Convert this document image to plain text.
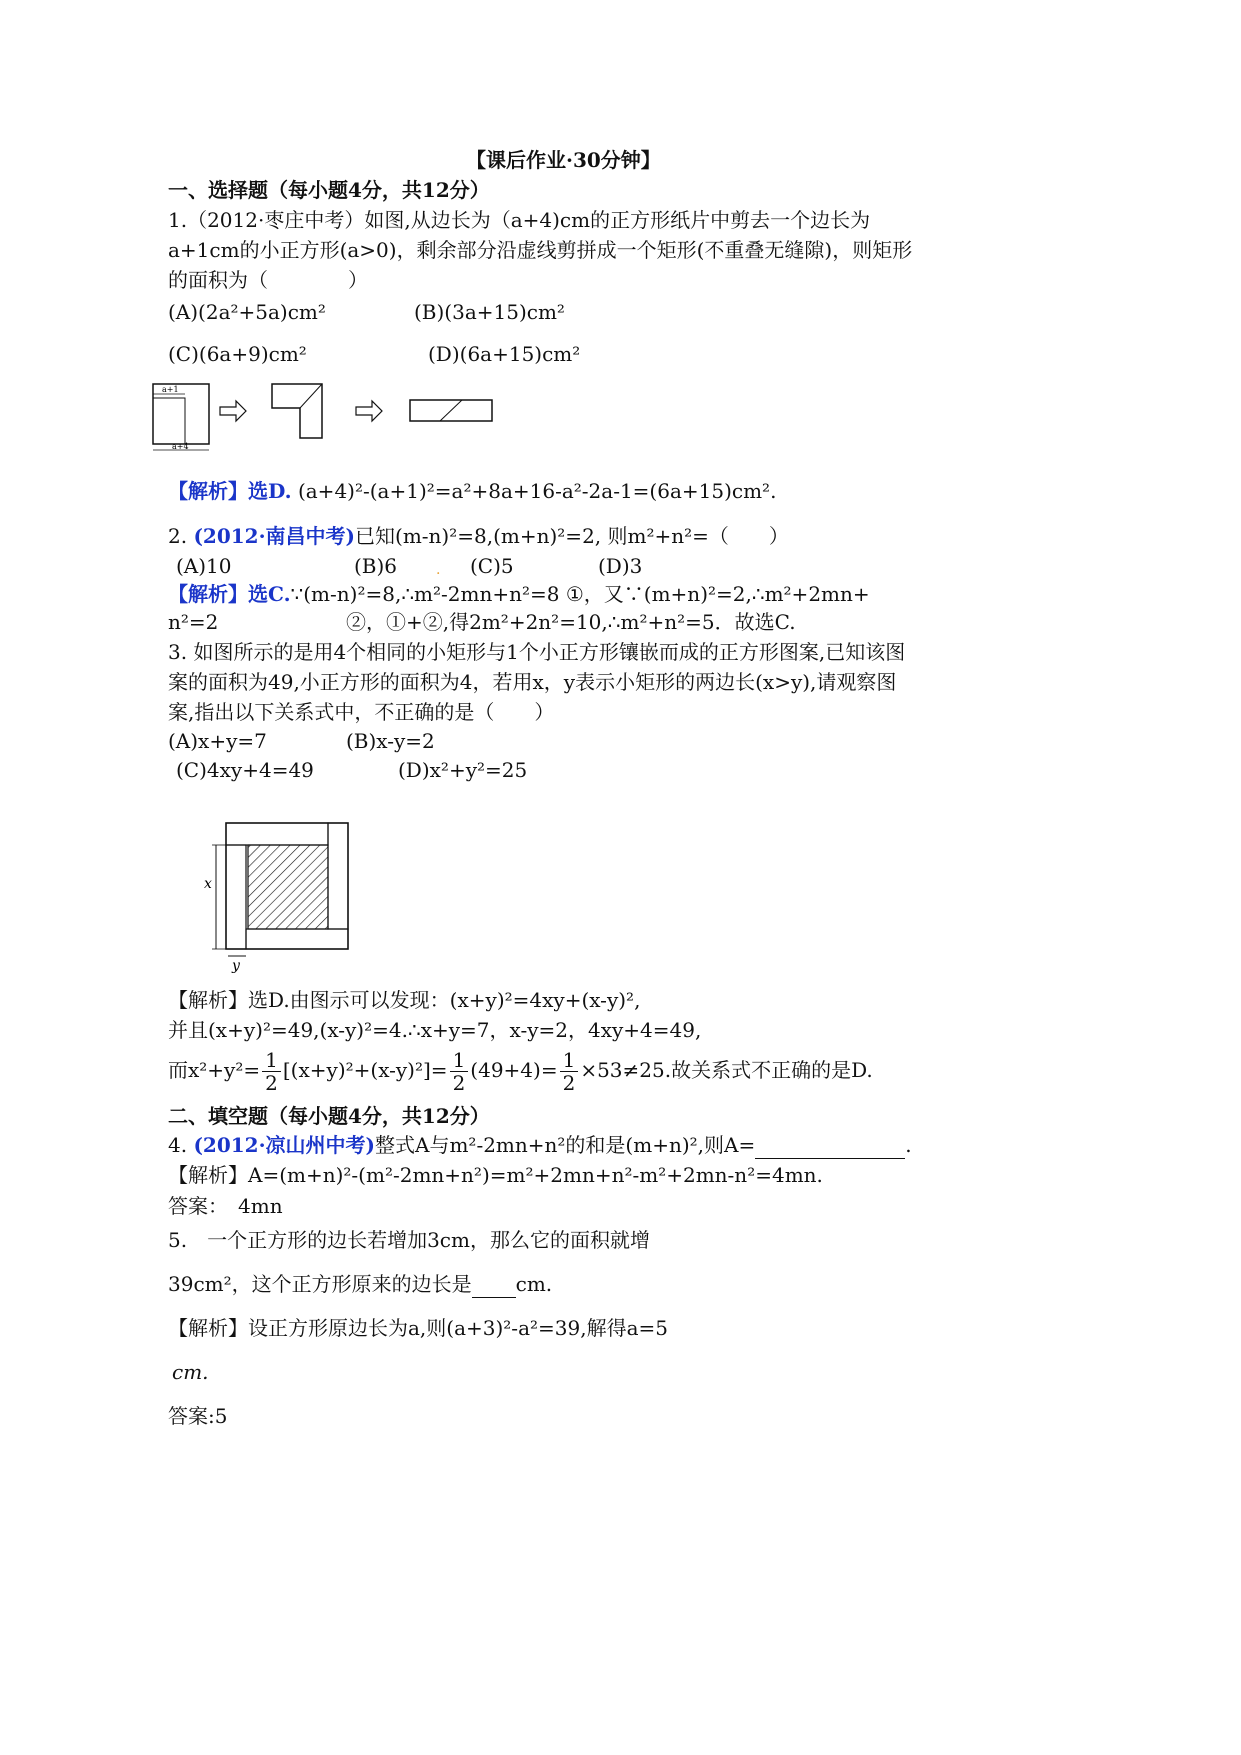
【课后作业·30分钟】
一、选择题（每小题4分，共12分）
1.（2012·枣庄中考）如图,从边长为（a+4)cm的正方形纸片中剪去一个边长为
a+1cm的小正方形(a>0)，剩余部分沿虚线剪拼成一个矩形(不重叠无缝隙)，则矩形
的面积为（　　　　）
(A)(2a²+5a)cm²	(B)(3a+15)cm²
(C)(6a+9)cm²	(D)(6a+15)cm²
a+1
a+4
【解析】选D. (a+4)²-(a+1)²=a²+8a+16-a²-2a-1=(6a+15)cm².
2. (2012·南昌中考)已知(m-n)²=8,(m+n)²=2, 则m²+n²=（　　）
(A)10	(B)6	. (C)5	(D)3
【解析】选C.∵(m-n)²=8,∴m²-2mn+n²=8 ①，又∵(m+n)²=2,∴m²+2mn+
n²=2	②，①+②,得2m²+2n²=10,∴m²+n²=5．故选C.
3. 如图所示的是用4个相同的小矩形与1个小正方形镶嵌而成的正方形图案,已知该图
案的面积为49,小正方形的面积为4，若用x，y表示小矩形的两边长(x>y),请观察图
案,指出以下关系式中，不正确的是（　　）
(A)x+y=7	(B)x-y=2
(C)4xy+4=49	(D)x²+y²=25
x
y
【解析】选D.由图示可以发现：(x+y)²=4xy+(x-y)²,
并且(x+y)²=49,(x-y)²=4.∴x+y=7，x-y=2，4xy+4=49,
而$x^2+y^2= \frac{1}{2} [(x+y)^2+(x-y)^2]= \frac{1}{2} (49+4)= \frac{1}{2} \times 53\ne 25$.故关系式不正确的是D.
二、填空题（每小题4分，共12分）
4. (2012·凉山州中考)整式A与m²-2mn+n²的和是(m+n)²,则A=	.
【解析】A=(m+n)²-(m²-2mn+n²)=m²+2mn+n²-m²+2mn-n²=4mn.
答案：　4mn
5.　一个正方形的边长若增加3cm，那么它的面积就增
39cm²，这个正方形原来的边长是 cm.
【解析】设正方形原边长为a,则(a+3)²-a²=39,解得a=5
cm.
答案:5
